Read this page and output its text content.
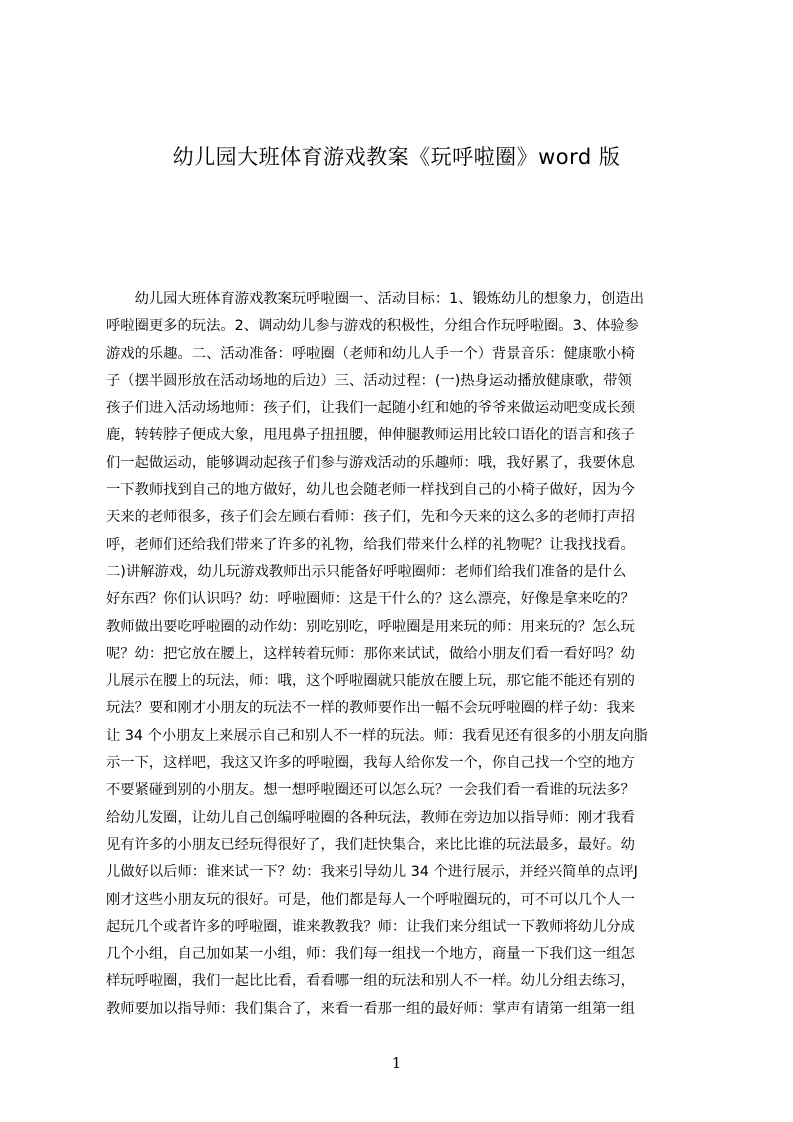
幼儿园大班体育游戏教案《玩呼啦圈》word 版
　　幼儿园大班体育游戏教案玩呼啦圈一、活动目标：1、锻炼幼儿的想象力，创造出
呼啦圈更多的玩法。2、调动幼儿参与游戏的积极性，分组合作玩呼啦圈。3、体验参
游戏的乐趣。二、活动准备：呼啦圈（老师和幼儿人手一个）背景音乐：健康歌小椅
子（摆半圆形放在活动场地的后边）三、活动过程：(一)热身运动播放健康歌，带领
孩子们进入活动场地师：孩子们，让我们一起随小红和她的爷爷来做运动吧变成长颈
鹿，转转脖子便成大象，甩甩鼻子扭扭腰，伸伸腿教师运用比较口语化的语言和孩子
们一起做运动，能够调动起孩子们参与游戏活动的乐趣师：哦，我好累了，我要休息
一下教师找到自己的地方做好，幼儿也会随老师一样找到自己的小椅子做好，因为今
天来的老师很多，孩子们会左顾右看师：孩子们，先和今天来的这么多的老师打声招
呼，老师们还给我们带来了许多的礼物，给我们带来什么样的礼物呢？让我找找看。
二)讲解游戏，幼儿玩游戏教师出示只能备好呼啦圈师：老师们给我们准备的是什么
好东西？你们认识吗？幼：呼啦圈师：这是干什么的？这么漂亮，好像是拿来吃的？
教师做出要吃呼啦圈的动作幼：别吃别吃，呼啦圈是用来玩的师：用来玩的？怎么玩
呢？幼：把它放在腰上，这样转着玩师：那你来试试，做给小朋友们看一看好吗？幼
儿展示在腰上的玩法，师：哦，这个呼啦圈就只能放在腰上玩，那它能不能还有别的
玩法？要和刚才小朋友的玩法不一样的教师要作出一幅不会玩呼啦圈的样子幼：我来
让 34 个小朋友上来展示自己和别人不一样的玩法。师：我看见还有很多的小朋友向脂
示一下，这样吧，我这又许多的呼啦圈，我每人给你发一个，你自己找一个空的地方
不要紧碰到别的小朋友。想一想呼啦圈还可以怎么玩？一会我们看一看谁的玩法多？
给幼儿发圈，让幼儿自己创编呼啦圈的各种玩法，教师在旁边加以指导师：刚才我看
见有许多的小朋友已经玩得很好了，我们赶快集合，来比比谁的玩法最多，最好。幼
儿做好以后师：谁来试一下？幼：我来引导幼儿 34 个进行展示，并经兴简单的点评J
刚才这些小朋友玩的很好。可是，他们都是每人一个呼啦圈玩的，可不可以几个人一
起玩几个或者许多的呼啦圈，谁来教教我？师：让我们来分组试一下教师将幼儿分成
几个小组，自己加如某一小组，师：我们每一组找一个地方，商量一下我们这一组怎
样玩呼啦圈，我们一起比比看，看看哪一组的玩法和别人不一样。幼儿分组去练习，
教师要加以指导师：我们集合了，来看一看那一组的最好师：掌声有请第一组第一组
1
